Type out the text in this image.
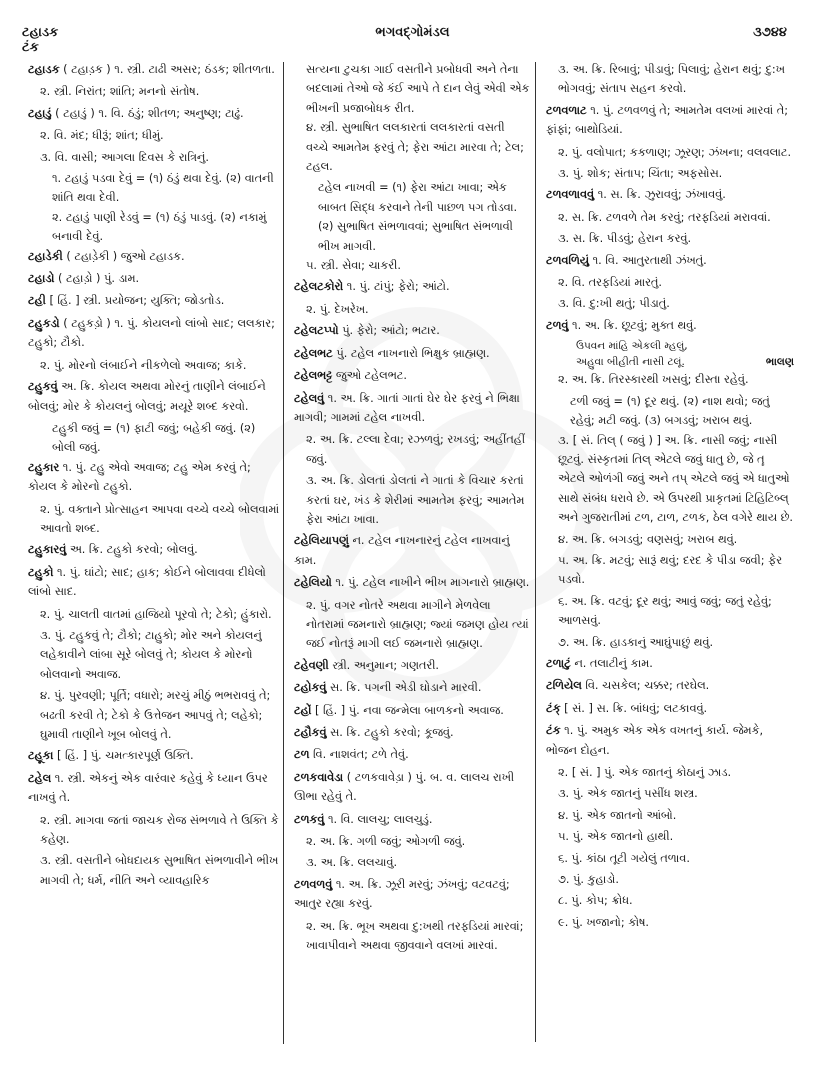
ટહાડક
ટંક
ભગવદ્ગોમંડલ	૩૭૪૪
ટહાડક ( ટહાડ઼ક ) ૧. સ્ત્રી. ટાઢી અસર; ઠંડક; શીતળતા.
૨. સ્ત્રી. નિરાંત; શાંતિ; મનનો સંતોષ.
ટહાડું ( ટહાડું ) ૧. વિ. ઠંડું; શીતળ; અનુષ્ણ; ટાઢું.
૨. વિ. મંદ; ધીરૂં; શાંત; ધીમું.
૩. વિ. વાસી; આગલા દિવસ કે રાત્રિનું.
૧. ટહાડું પડવા દેવું = (૧) ઠંડું થવા દેવું. (૨) વાતની શાંતિ થવા દેવી.
૨. ટહાડું પાણી રેડવું = (૧) ઠંડું પાડવું. (૨) નકામું બનાવી દેવું.
ટહાડેકી ( ટહાડ઼ેકી ) જુઓ ટહાડક.
ટહાડો ( ટહાડ઼ો ) પું. ડામ.
ટહી [ હિં. ] સ્ત્રી. પ્રયોજન; યુક્તિ; જોડતોડ.
ટહુકડો ( ટહુકડ઼ો ) ૧. પું. કોયલનો લાંબો સાદ; લલકાર; ટહુકો; ટૌકો.
૨. પું. મોરનો લંબાઈને નીકળેલો અવાજ; કાકે.
ટહુકવું અ. ક્રિ. કોયલ અથવા મોરનું તાણીને લંબાઈને બોલવું; મોર કે કોયલનું બોલવું; મયૂરે શબ્દ કરવો.
ટહુકી જવું = (૧) ફાટી જવું; બહેકી જવું. (૨) બોલી જવું.
ટહુકાર ૧. પું. ટહુ એવો અવાજ; ટહુ એમ કરવું તે; કોયલ કે મોરનો ટહુકો.
૨. પું. વક્તાને પ્રોત્સાહન આપવા વચ્ચે વચ્ચે બોલવામાં આવતો શબ્દ.
ટહુકારવું અ. ક્રિ. ટહુકો કરવો; બોલવું.
ટહુકો ૧. પું. ઘાંટો; સાદ; હાક; કોઈને બોલાવવા દીધેલો લાંબો સાદ.
૨. પું. ચાલતી વાતમાં હાજિયો પૂરવો તે; ટેકો; હુંકારો.
૩. પું. ટહુકવું તે; ટૌકો; ટાહુકો; મોર અને કોયલનું લહેકાવીને લાંબા સૂરે બોલવું તે; કોયલ કે મોરનો બોલવાનો અવાજ.
૪. પું. પુરવણી; પૂર્તિ; વધારો; મરચું મીઠું ભભરાવવું તે; બઢતી કરવી તે; ટેકો કે ઉત્તેજન આપવું તે; લહેકો; ઘુમાવી તાણીને ખૂબ બોલવું તે.
ટહૂકા [ હિં. ] પું. ચમત્કારપૂર્ણ ઉક્તિ.
ટહેલ ૧. સ્ત્રી. એકનું એક વારંવાર કહેવું કે ધ્યાન ઉપર નાખવું તે.
૨. સ્ત્રી. માગવા જતાં જાચક રોજ સંભળાવે તે ઉક્તિ કે કહેણ.
૩. સ્ત્રી. વસતીને બોધદાયક સુભાષિત સંભળાવીને ભીખ માગવી તે; ધર્મ, નીતિ અને વ્યાવહારિક
સત્યના ટુચકા ગાઈ વસતીને પ્રબોધવી અને તેના બદલામાં તેઓ જે કંઈ આપે તે દાન લેવું એવી એક ભીખની પ્રજાબોધક રીત.
૪. સ્ત્રી. સુભાષિત લલકારતાં લલકારતાં વસતી વચ્ચે આમતેમ ફરવું તે; ફેરા આંટા મારવા તે; ટેલ; ટહલ.
ટહેલ નાખવી = (૧) ફેરા આંટા ખાવા; એક બાબત સિદ્ધ કરવાને તેની પાછળ પગ તોડવા. (૨) સુભાષિત સંભળાવવાં; સુભાષિત સંભળાવી ભીખ માગવી.
૫. સ્ત્રી. સેવા; ચાકરી.
ટહેલટકોરો ૧. પું. ટાંપું; ફેરો; આંટો.
૨. પું. દેખરેખ.
ટહેલટપ્પો પું. ફેરો; આંટો; ભટાર.
ટહેલભટ પું. ટહેલ નાખનારો ભિક્ષુક બ્રાહ્મણ.
ટહેલભટ્ટ જુઓ ટહેલભટ.
ટહેલવું ૧. અ. ક્રિ. ગાતાં ગાતાં ઘેર ઘેર ફરવું ને ભિક્ષા માગવી; ગામમાં ટહેલ નાખવી.
૨. અ. ક્રિ. ટલ્લા દેવા; રઝળવું; રખડવું; અહીંતહીં જવું.
૩. અ. ક્રિ. ડોલતાં ડોલતાં ને ગાતાં કે વિચાર કરતાં કરતાં ઘર, ખંડ કે શેરીમાં આમતેમ ફરવું; આમતેમ ફેરા આંટા ખાવા.
ટહેલિયાપણું ન. ટહેલ નાખનારનું ટહેલ નાખવાનું કામ.
ટહેલિયો ૧. પું. ટહેલ નાખીને ભીખ માગનારો બ્રાહ્મણ.
૨. પું. વગર નોતરે અથવા માગીને મેળવેલા નોતરામાં જમનારો બ્રાહ્મણ; જ્યાં જમણ હોય ત્યાં જઈ નોતરૂં માગી લઈ જમનારો બ્રાહ્મણ.
ટહેવણી સ્ત્રી. અનુમાન; ગણતરી.
ટહોકવું સ. ક્રિ. પગની એડી ઘોડાને મારવી.
ટહોં [ હિં. ] પું. નવા જન્મેલા બાળકનો અવાજ.
ટહૌકવું સ. ક્રિ. ટહુકો કરવો; કૂજવું.
ટળ વિ. નાશવંત; ટળે તેવું.
ટળકવાવેડા ( ટળકવાવેડ઼ા ) પું. બ. વ. લાલચ રાખી ઊભા રહેવું તે.
ટળકવું ૧. વિ. લાલચુ; લાલચુડું.
૨. અ. ક્રિ. ગળી જવું; ઓગળી જવું.
૩. અ. ક્રિ. લલચાવું.
ટળવળવું ૧. અ. ક્રિ. ઝૂરી મરવું; ઝંખવું; વટવટવું; આતુર રહ્યા કરવું.
૨. અ. ક્રિ. ભૂખ અથવા દુ:ખથી તરફડિયાં મારવાં; ખાવાપીવાને અથવા જીવવાને વલખાં મારવાં.
૩. અ. ક્રિ. રિબાવું; પીડાવું; પિલાવું; હેરાન થવું; દુ:ખ ભોગવવું; સંતાપ સહન કરવો.
ટળવળાટ ૧. પું. ટળવળવું તે; આમતેમ વલખાં મારવાં તે; ફાંફાં; બાથોડિયાં.
૨. પું. વલોપાત; કકળાણ; ઝૂરણ; ઝંખના; વલવલાટ.
૩. પું. શોક; સંતાપ; ચિંતા; અફસોસ.
ટળવળાવવું ૧. સ. ક્રિ. ઝુરાવવું; ઝંખાવવું.
૨. સ. ક્રિ. ટળવળે તેમ કરવું; તરફડિયાં મરાવવાં.
૩. સ. ક્રિ. પીડવું; હેરાન કરવું.
ટળવળિયું ૧. વિ. આતુરતાથી ઝંખતું.
૨. વિ. તરફડિયાં મારતું.
૩. વિ. દુ:ખી થતું; પીડાતું.
ટળવું ૧. અ. ક્રિ. છૂટવું; મુક્ત થવું.
ઉપવન માંહિ એકલી મ્હલું,
ભાલણ
અહુવા બીહીતી નાસી ટલૂં.
૨. અ. ક્રિ. તિરસ્કારથી ખસવું; દીસ્તા રહેવું.
ટળી જવું = (૧) દૂર થવું. (૨) નાશ થવો; જતું રહેવું; મટી જવું. (૩) બગડવું; ખરાબ થવું.
૩. [ સં. તિલ્ ( જવું ) ] અ. ક્રિ. નાસી જવું; નાસી છૂટવું. સંસ્કૃતમાં તિલ્ એટલે જવું ધાતુ છે, જે તૄ એટલે ઓળંગી જવું અને તપ્ એટલે જવું એ ધાતુઓ સાથે સંબંધ ધરાવે છે. એ ઉપરથી પ્રાકૃતમાં ટિહિટિબ્લ્ અને ગુજરાતીમાં ટળ, ટાળ, ટળક, ઠેલ વગેરે થાય છે.
૪. અ. ક્રિ. બગડવું; વણસવું; ખરાબ થવું.
૫. અ. ક્રિ. મટવું; સારૂં થવું; દરદ કે પીડા જવી; ફેર પડવો.
૬. અ. ક્રિ. વટવું; દૂર થવું; આવું જવું; જતું રહેવું; આળસવું.
૭. અ. ક્રિ. હાડકાનું આઘુંપાછું થવું.
ટળાટું ન. તલાટીનું કામ.
ટળિયેલ વિ. ચસકેલ; ચક્કર; તરઘેલ.
ટંક્ [ સં. ] સ. ક્રિ. બાંધવું; લટકાવવું.
ટંક ૧. પું. અમુક એક એક વખતનું કાર્ય. જેમકે, ભોજન દોહન.
૨. [ સં. ] પું. એક જાતનું કોઠાનું ઝાડ.
૩. પું. એક જાતનું પસીંધ શસ્ત્ર.
૪. પું. એક જાતનો આંબો.
૫. પું. એક જાતનો હાથી.
૬. પું. કાંઠા તૂટી ગયેલું તળાવ.
૭. પું. કુહાડો.
૮. પું. કોપ; ક્રોધ.
૯. પું. ખજાનો; કોષ.
